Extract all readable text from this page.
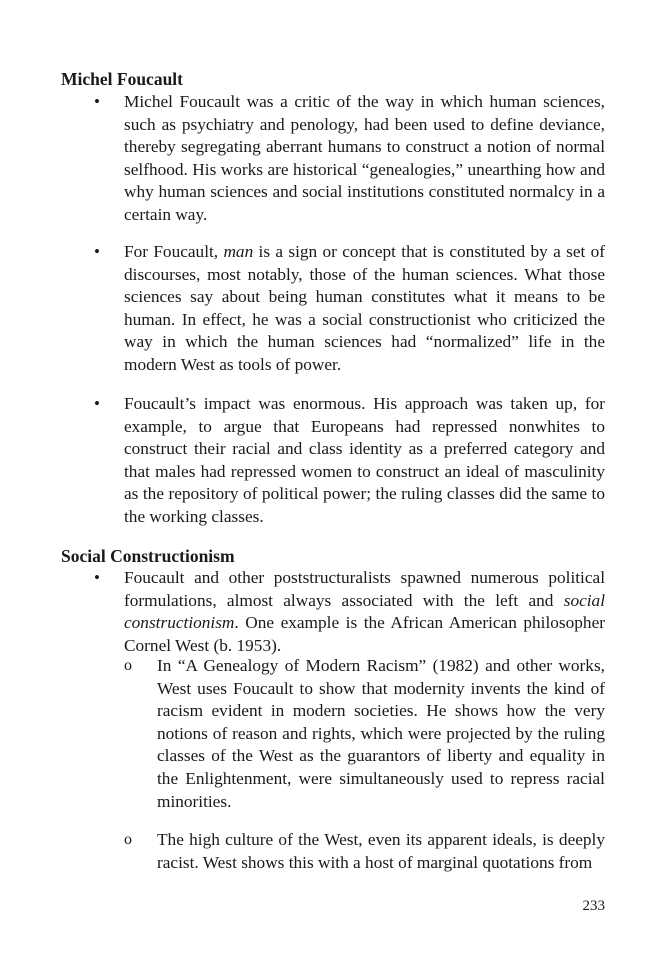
Michel Foucault
• Michel Foucault was a critic of the way in which human sciences, such as psychiatry and penology, had been used to define deviance, thereby segregating aberrant humans to construct a notion of normal selfhood. His works are historical “genealogies,” unearthing how and why human sciences and social institutions constituted normalcy in a certain way.
• For Foucault, man is a sign or concept that is constituted by a set of discourses, most notably, those of the human sciences. What those sciences say about being human constitutes what it means to be human. In effect, he was a social constructionist who criticized the way in which the human sciences had “normalized” life in the modern West as tools of power.
• Foucault’s impact was enormous. His approach was taken up, for example, to argue that Europeans had repressed nonwhites to construct their racial and class identity as a preferred category and that males had repressed women to construct an ideal of masculinity as the repository of political power; the ruling classes did the same to the working classes.
Social Constructionism
• Foucault and other poststructuralists spawned numerous political formulations, almost always associated with the left and social constructionism. One example is the African American philosopher Cornel West (b. 1953).
o In “A Genealogy of Modern Racism” (1982) and other works, West uses Foucault to show that modernity invents the kind of racism evident in modern societies. He shows how the very notions of reason and rights, which were projected by the ruling classes of the West as the guarantors of liberty and equality in the Enlightenment, were simultaneously used to repress racial minorities.
o The high culture of the West, even its apparent ideals, is deeply racist. West shows this with a host of marginal quotations from
233
